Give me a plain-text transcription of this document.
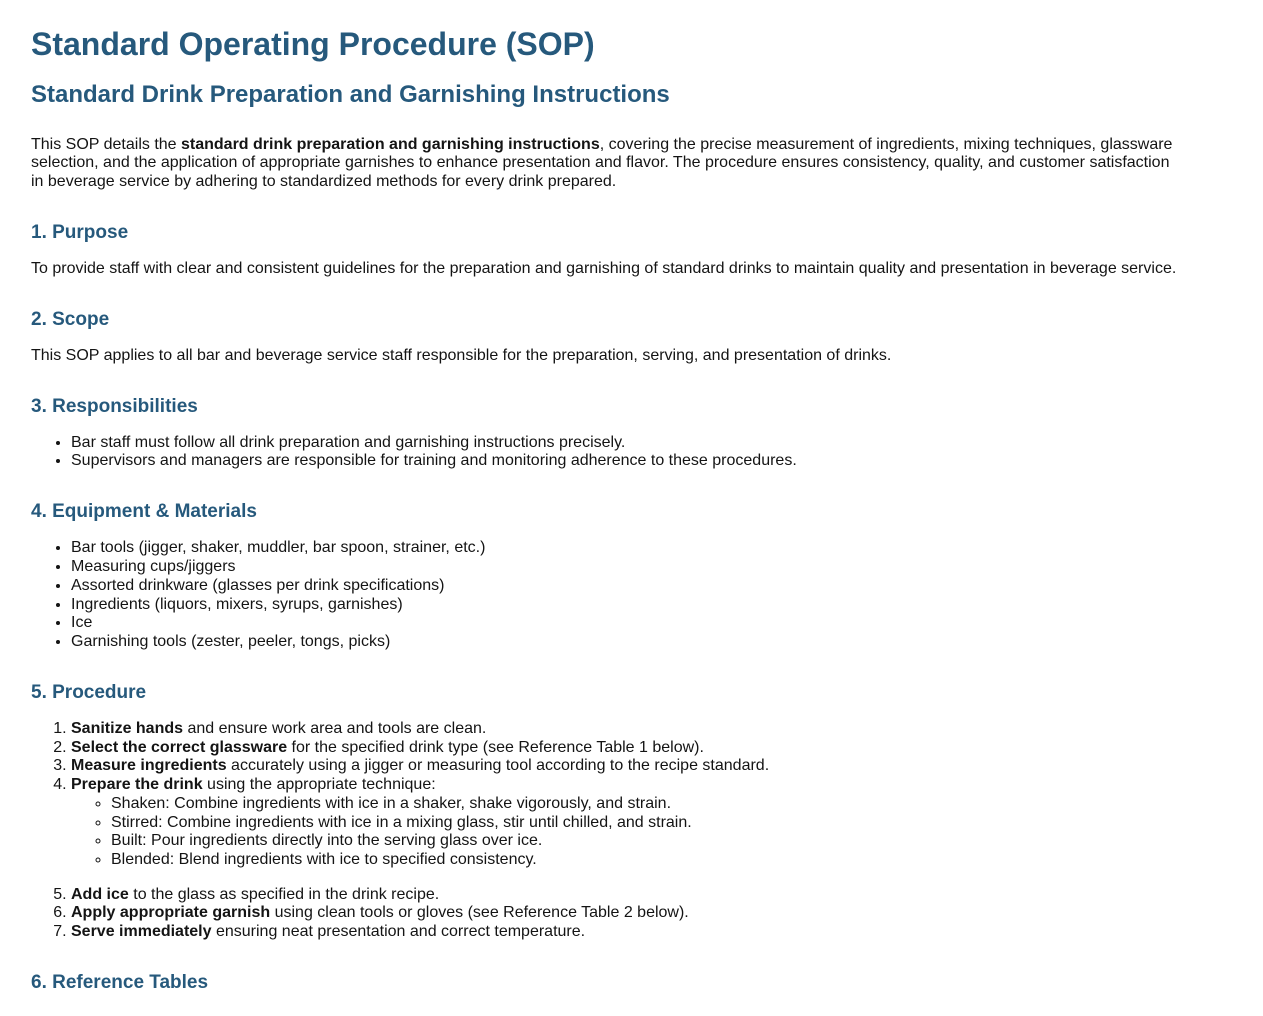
Standard Operating Procedure (SOP)
Standard Drink Preparation and Garnishing Instructions

This SOP details the standard drink preparation and garnishing instructions, covering the precise measurement of ingredients, mixing techniques, glassware selection, and the application of appropriate garnishes to enhance presentation and flavor. The procedure ensures consistency, quality, and customer satisfaction in beverage service by adhering to standardized methods for every drink prepared.

1. Purpose

To provide staff with clear and consistent guidelines for the preparation and garnishing of standard drinks to maintain quality and presentation in beverage service.

2. Scope

This SOP applies to all bar and beverage service staff responsible for the preparation, serving, and presentation of drinks.

3. Responsibilities
• Bar staff must follow all drink preparation and garnishing instructions precisely.
• Supervisors and managers are responsible for training and monitoring adherence to these procedures.
4. Equipment & Materials
• Bar tools (jigger, shaker, muddler, bar spoon, strainer, etc.)
• Measuring cups/jiggers
• Assorted drinkware (glasses per drink specifications)
• Ingredients (liquors, mixers, syrups, garnishes)
• Ice
• Garnishing tools (zester, peeler, tongs, picks)
5. Procedure
1. Sanitize hands and ensure work area and tools are clean.
2. Select the correct glassware for the specified drink type (see Reference Table 1 below).
3. Measure ingredients accurately using a jigger or measuring tool according to the recipe standard.
4. Prepare the drink using the appropriate technique:
◦ Shaken: Combine ingredients with ice in a shaker, shake vigorously, and strain.
◦ Stirred: Combine ingredients with ice in a mixing glass, stir until chilled, and strain.
◦ Built: Pour ingredients directly into the serving glass over ice.
◦ Blended: Blend ingredients with ice to specified consistency.
5. Add ice to the glass as specified in the drink recipe.
6. Apply appropriate garnish using clean tools or gloves (see Reference Table 2 below).
7. Serve immediately ensuring neat presentation and correct temperature.
6. Reference Tables
